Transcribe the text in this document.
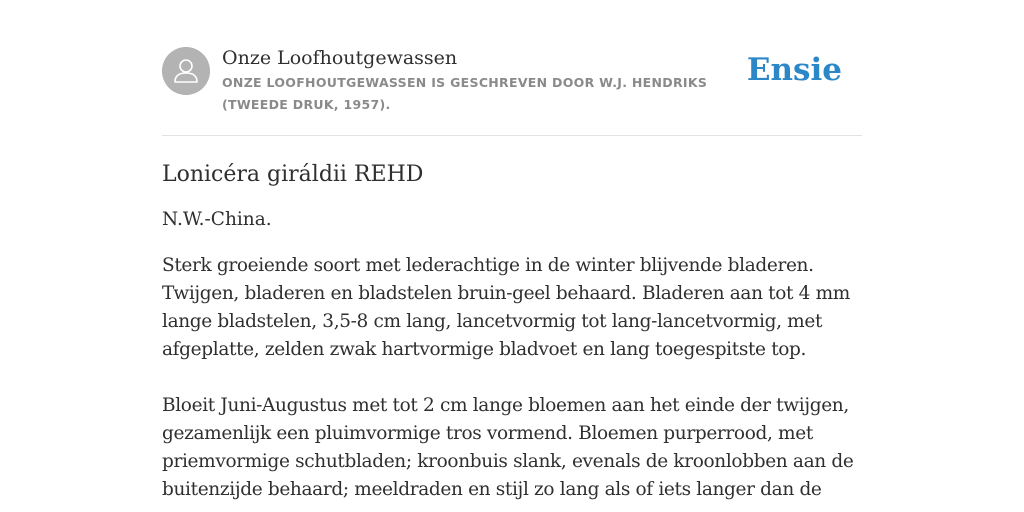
Onze Loofhoutgewassen
ONZE LOOFHOUTGEWASSEN IS GESCHREVEN DOOR W.J. HENDRIKS (TWEEDE DRUK, 1957).
Ensie
Lonicéra giráldii REHD

N.W.-China.

Sterk groeiende soort met lederachtige in de winter blijvende bladeren. Twijgen, bladeren en bladstelen bruin-geel behaard. Bladeren aan tot 4 mm lange bladstelen, 3,5-8 cm lang, lancetvormig tot lang-lancetvormig, met afgeplatte, zelden zwak hartvormige bladvoet en lang toegespitste top.

Bloeit Juni-Augustus met tot 2 cm lange bloemen aan het einde der twijgen, gezamenlijk een pluimvormige tros vormend. Bloemen purperrood, met priemvormige schutbladen; kroonbuis slank, evenals de kroonlobben aan de buitenzijde behaard; meeldraden en stijl zo lang als of iets langer dan de
